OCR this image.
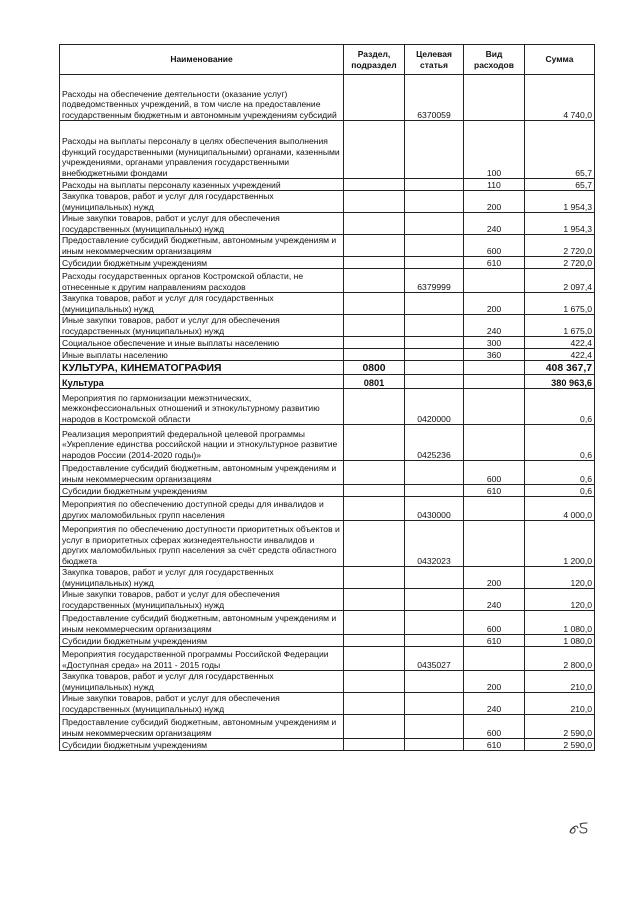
Наименование	Раздел, подраздел	Целевая статья	Вид расходов	Сумма
Расходы на обеспечение деятельности (оказание услуг) подведомственных учреждений, в том числе на предоставление государственным бюджетным и автономным учреждениям субсидий		6370059		4 740,0
Расходы на выплаты персоналу в целях обеспечения выполнения функций государственными (муниципальными) органами, казенными учреждениями, органами управления государственными внебюджетными фондами			100	65,7
Расходы на выплаты персоналу казенных учреждений			110	65,7
Закупка товаров, работ и услуг для государственных (муниципальных) нужд			200	1 954,3
Иные закупки товаров, работ и услуг для обеспечения государственных (муниципальных) нужд			240	1 954,3
Предоставление субсидий бюджетным, автономным учреждениям и иным некоммерческим организациям			600	2 720,0
Субсидии бюджетным учреждениям			610	2 720,0
Расходы государственных органов Костромской области, не отнесенные к другим направлениям расходов		6379999		2 097,4
Закупка товаров, работ и услуг для государственных (муниципальных) нужд			200	1 675,0
Иные закупки товаров, работ и услуг для обеспечения государственных (муниципальных) нужд			240	1 675,0
Социальное обеспечение и иные выплаты населению			300	422,4
Иные выплаты населению			360	422,4
КУЛЬТУРА, КИНЕМАТОГРАФИЯ	0800			408 367,7
Культура	0801			380 963,6
Мероприятия по гармонизации межэтнических, межконфессиональных отношений и этнокультурному развитию народов в Костромской области		0420000		0,6
Реализация мероприятий федеральной целевой программы «Укрепление единства российской нации и этнокультурное развитие народов России (2014-2020 годы)»		0425236		0,6
Предоставление субсидий бюджетным, автономным учреждениям и иным некоммерческим организациям			600	0,6
Субсидии бюджетным учреждениям			610	0,6
Мероприятия по обеспечению доступной среды для инвалидов и других маломобильных групп населения		0430000		4 000,0
Мероприятия по обеспечению доступности приоритетных объектов и услуг в приоритетных сферах жизнедеятельности инвалидов и других маломобильных групп населения за счёт средств областного бюджета		0432023		1 200,0
Закупка товаров, работ и услуг для государственных (муниципальных) нужд			200	120,0
Иные закупки товаров, работ и услуг для обеспечения государственных (муниципальных) нужд			240	120,0
Предоставление субсидий бюджетным, автономным учреждениям и иным некоммерческим организациям			600	1 080,0
Субсидии бюджетным учреждениям			610	1 080,0
Мероприятия государственной программы Российской Федерации «Доступная среда» на 2011 - 2015 годы		0435027		2 800,0
Закупка товаров, работ и услуг для государственных (муниципальных) нужд			200	210,0
Иные закупки товаров, работ и услуг для обеспечения государственных (муниципальных) нужд			240	210,0
Предоставление субсидий бюджетным, автономным учреждениям и иным некоммерческим организациям			600	2 590,0
Субсидии бюджетным учреждениям			610	2 590,0
